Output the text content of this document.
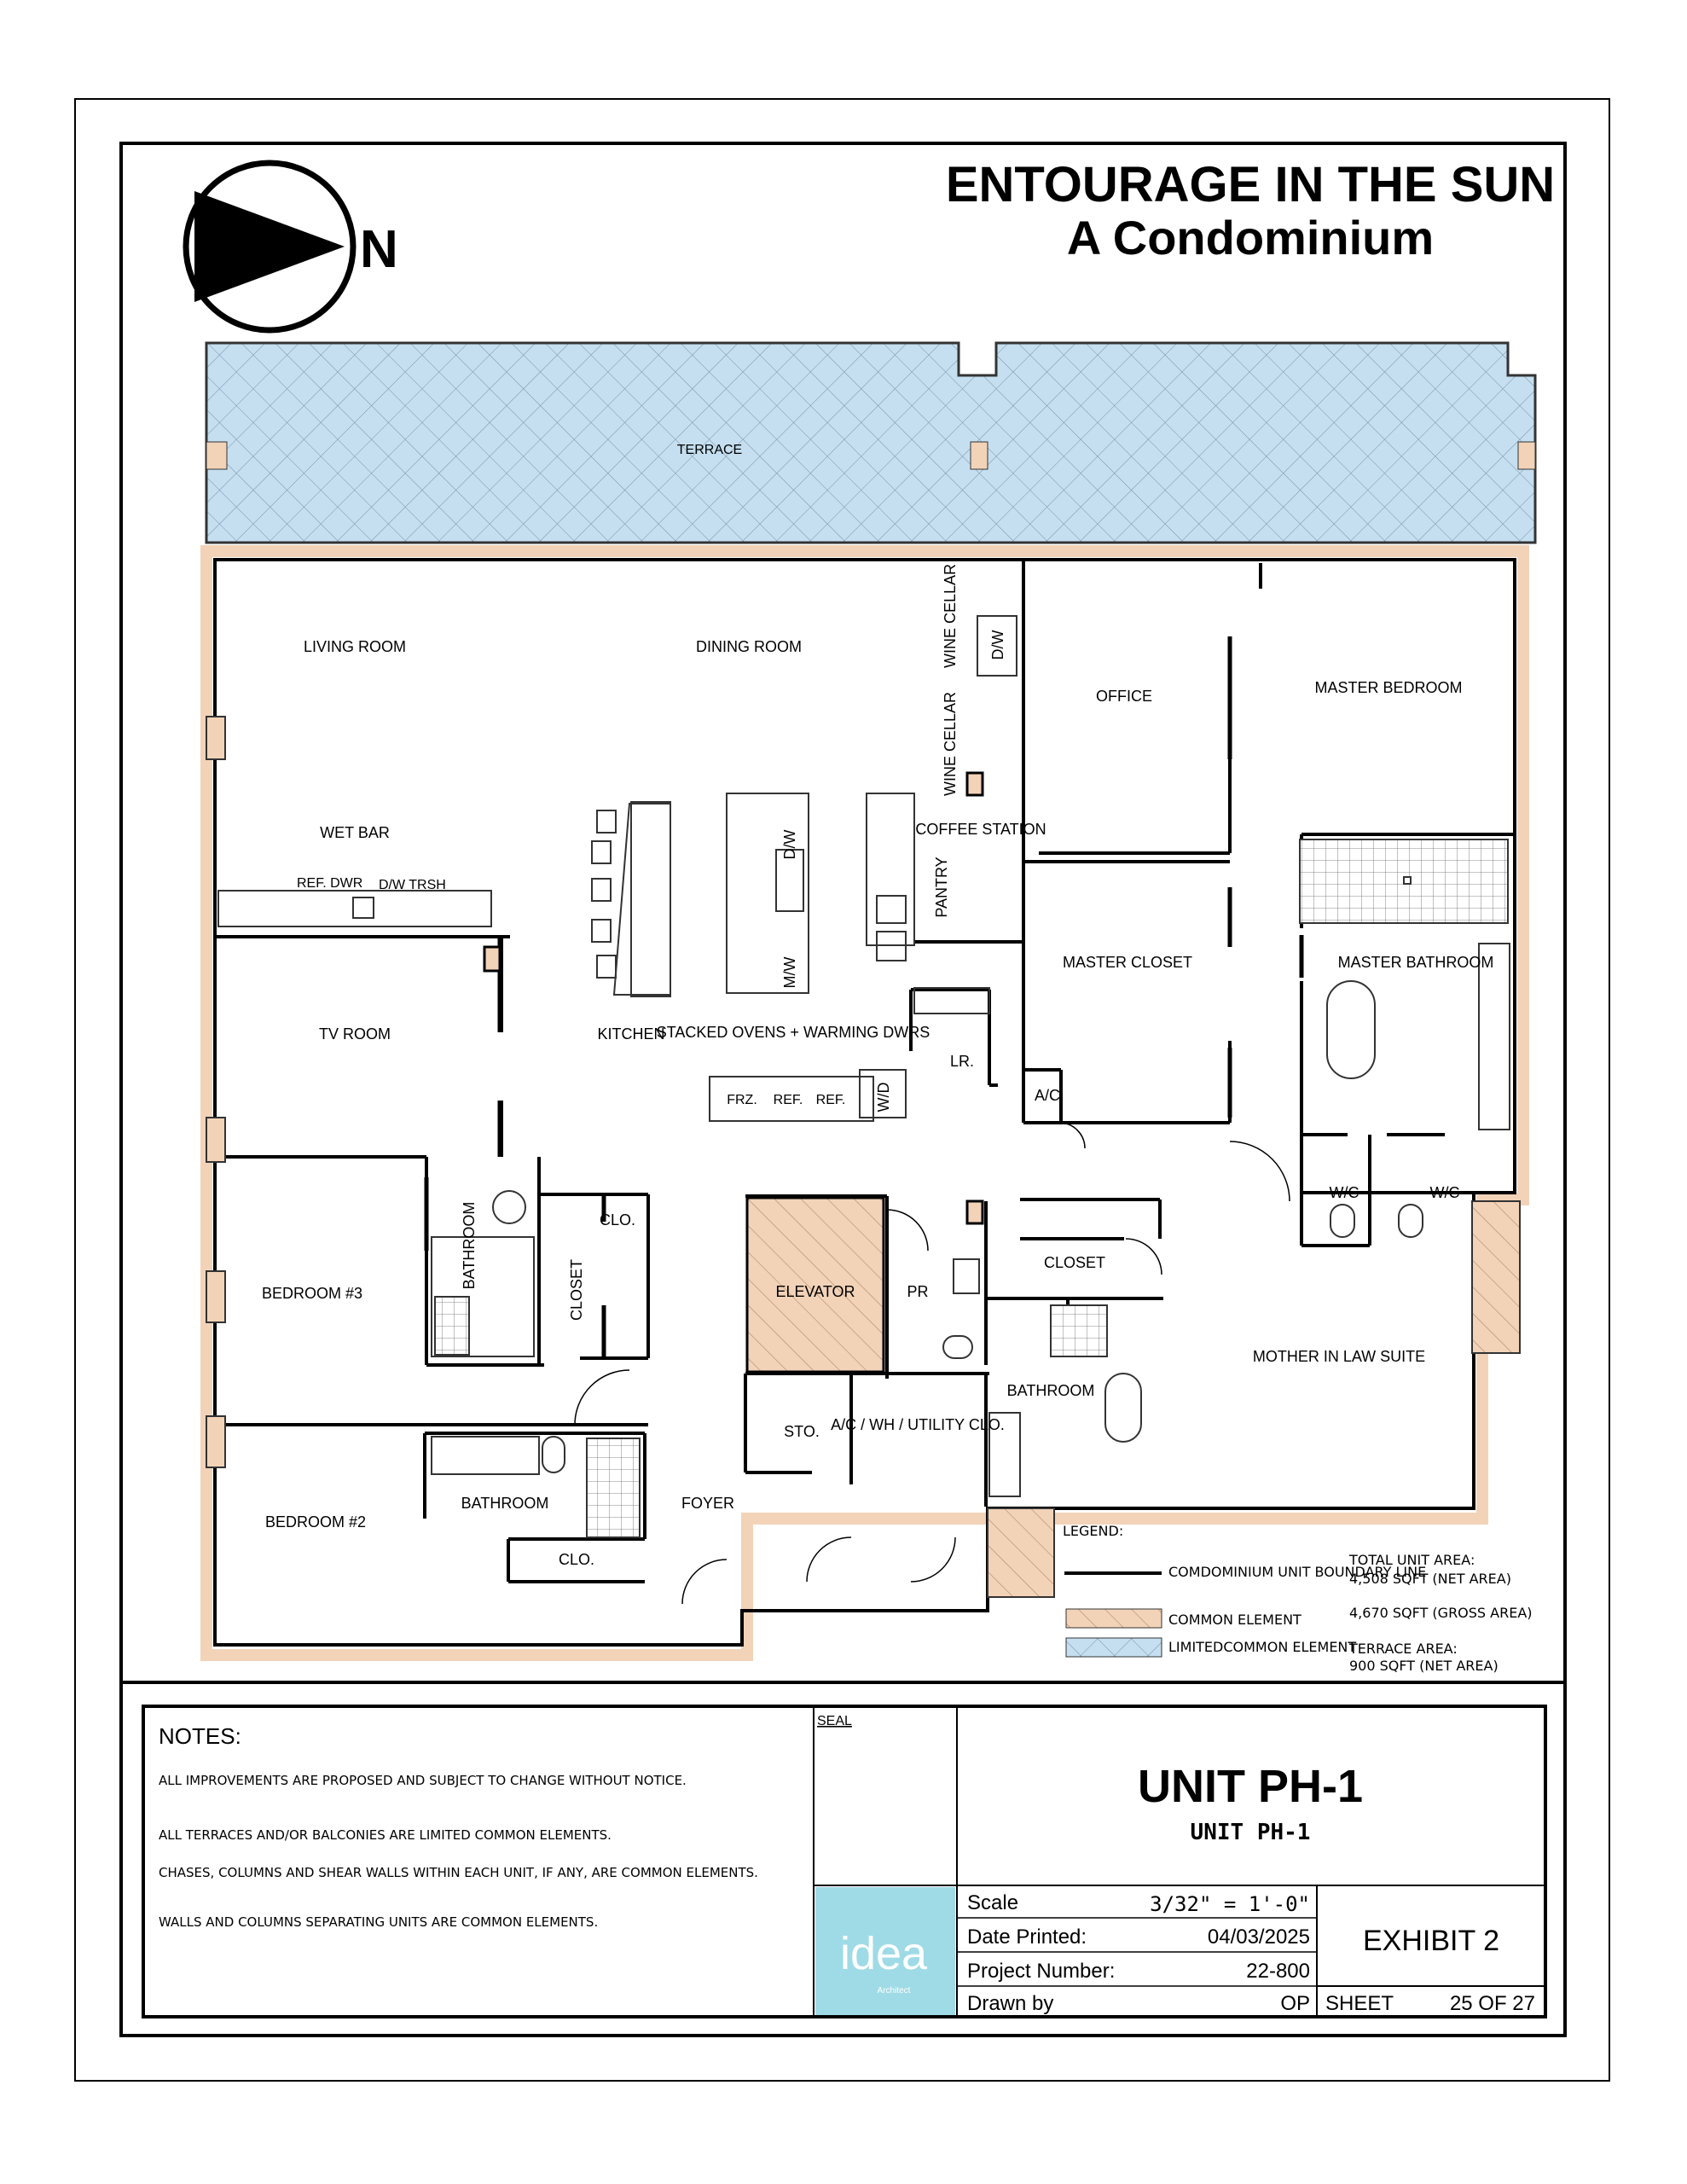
N
ENTOURAGE IN THE SUN
A Condominium
TERRACE
LIVING ROOM	DINING ROOM	WINE CELLAR D/W
WINE CELLAR	OFFICE	MASTER BEDROOM
WET BAR
REF. DWR D/W TRSH
COFFEE STATION
PANTRY
D/W
M/W	MASTER CLOSET	MASTER BATHROOM
TV ROOM	KITCHEN
STACKED OVENS + WARMING DWRS
LR.
A/C
FRZ. REF. REF. W/D
W/C	W/C
BEDROOM #3
BATHROOM
CLOSET
CLO.
ELEVATOR	PR
CLOSET
MOTHER IN LAW SUITE
BATHROOM
STO. A/C / WH / UTILITY CLO.
BEDROOM #2
BATHROOM
CLO.
FOYER
LEGEND:
COMDOMINIUM UNIT BOUNDARY LINE
COMMON ELEMENT
LIMITEDCOMMON ELEMENT
TOTAL UNIT AREA:
4,508 SQFT (NET AREA)
4,670 SQFT (GROSS AREA)
TERRACE AREA:
900 SQFT (NET AREA)
NOTES:
ALL IMPROVEMENTS ARE PROPOSED AND SUBJECT TO CHANGE WITHOUT NOTICE.
ALL TERRACES AND/OR BALCONIES ARE LIMITED COMMON ELEMENTS.
CHASES, COLUMNS AND SHEAR WALLS WITHIN EACH UNIT, IF ANY, ARE COMMON ELEMENTS.
WALLS AND COLUMNS SEPARATING UNITS ARE COMMON ELEMENTS.
SEAL
idea
Architect
UNIT PH-1
UNIT PH-1
Scale	3/32" = 1'-0"
Date Printed:	04/03/2025
Project Number:	22-800
Drawn by	OP
EXHIBIT 2
SHEET	25 OF 27
